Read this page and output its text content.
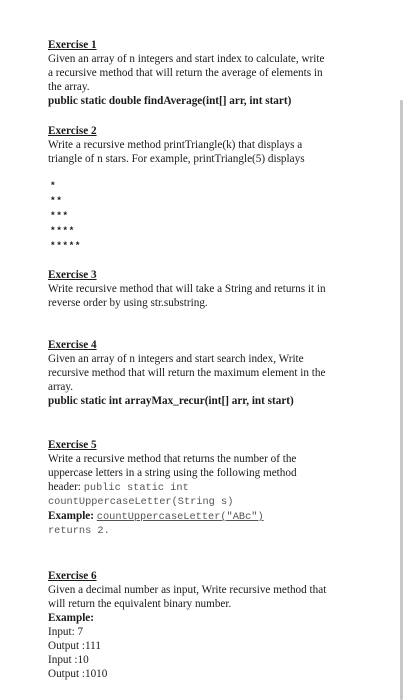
Exercise 1
Given an array of n integers and start index to calculate, write
a recursive method that will return the average of elements in
the array.
public static double findAverage(int[] arr, int start)
Exercise 2
Write a recursive method printTriangle(k) that displays a
triangle of n stars. For example, printTriangle(5) displays
*
**
***
****
*****
Exercise 3
Write recursive method that will take a String and returns it in
reverse order by using str.substring.
Exercise 4
Given an array of n integers and start search index, Write
recursive method that will return the maximum element in the
array.
public static int arrayMax_recur(int[] arr, int start)
Exercise 5
Write a recursive method that returns the number of the
uppercase letters in a string using the following method
header: public static int
countUppercaseLetter(String s)
Example: countUppercaseLetter("ABc")
returns 2.
Exercise 6
Given a decimal number as input, Write recursive method that
will return the equivalent binary number.
Example:
Input: 7
Output :111
Input :10
Output :1010
